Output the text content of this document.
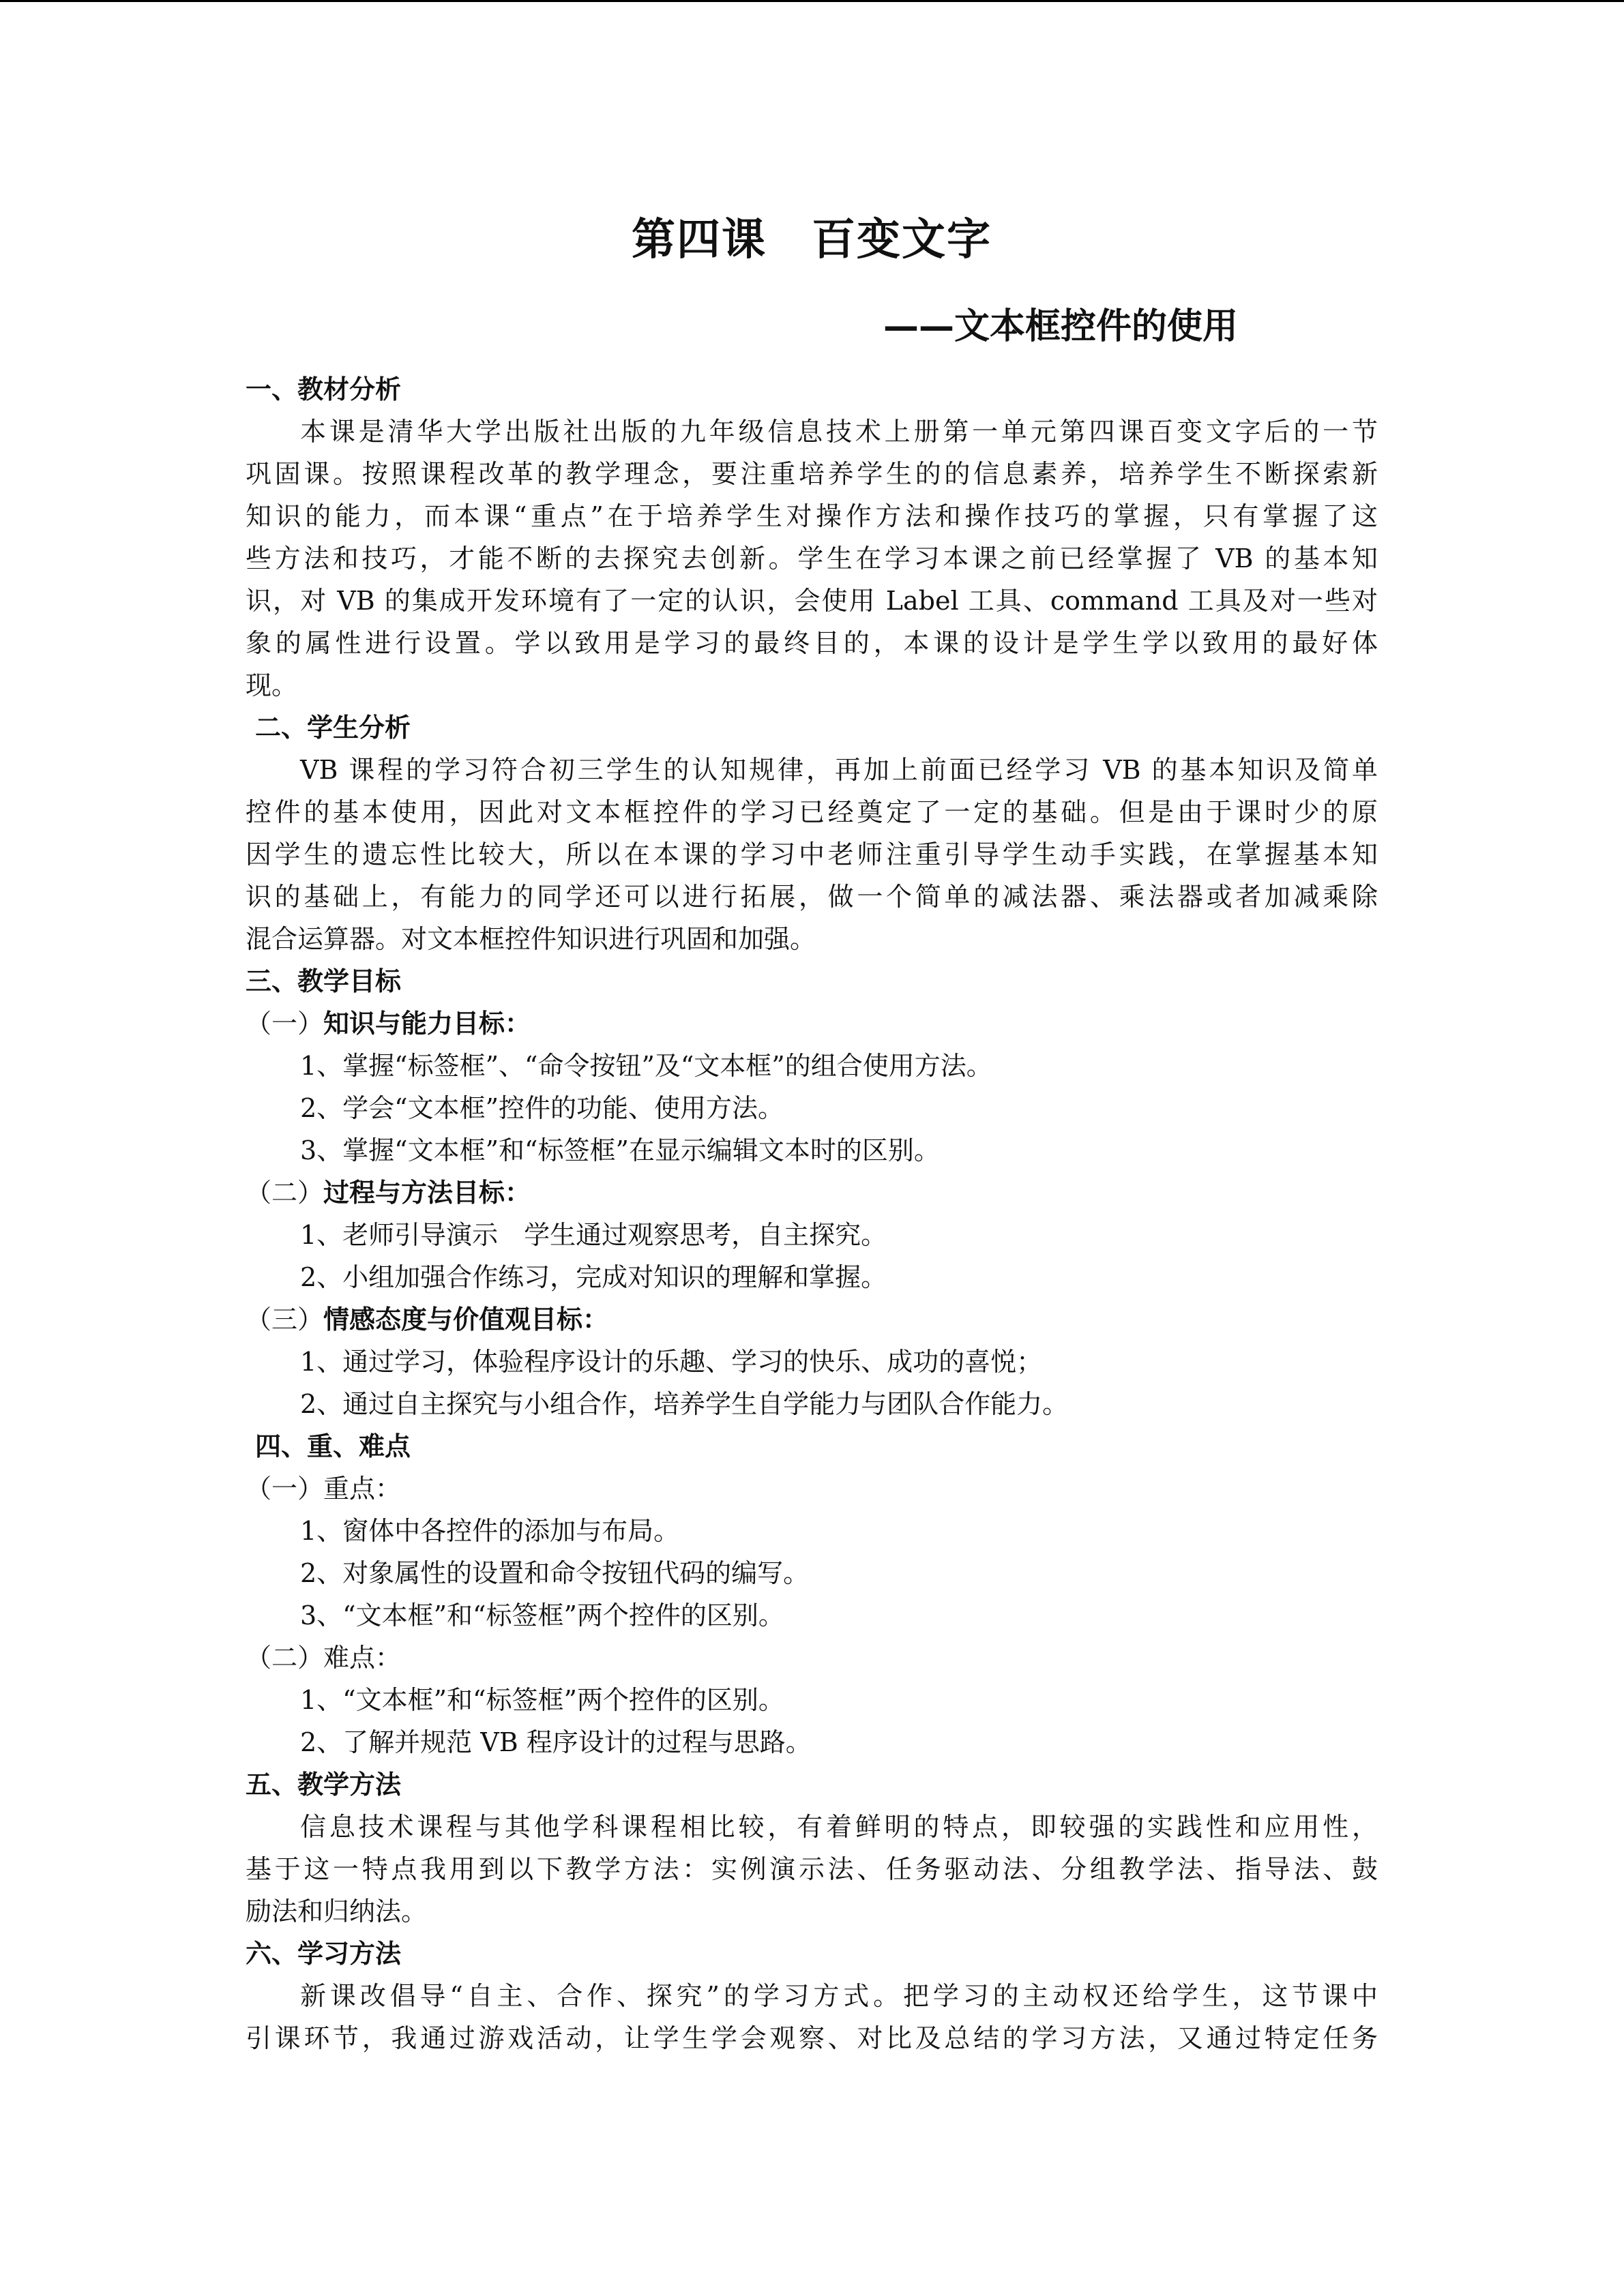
第四课　百变文字
——文本框控件的使用
一、教材分析
本课是清华大学出版社出版的九年级信息技术上册第一单元第四课百变文字后的一节
巩固课。按照课程改革的教学理念，要注重培养学生的的信息素养，培养学生不断探索新
知识的能力，而本课“重点”在于培养学生对操作方法和操作技巧的掌握，只有掌握了这
些方法和技巧，才能不断的去探究去创新。学生在学习本课之前已经掌握了 VB 的基本知
识，对 VB 的集成开发环境有了一定的认识，会使用 Label 工具、command 工具及对一些对
象的属性进行设置。学以致用是学习的最终目的，本课的设计是学生学以致用的最好体
现。
二、学生分析
VB 课程的学习符合初三学生的认知规律，再加上前面已经学习 VB 的基本知识及简单
控件的基本使用，因此对文本框控件的学习已经奠定了一定的基础。但是由于课时少的原
因学生的遗忘性比较大，所以在本课的学习中老师注重引导学生动手实践，在掌握基本知
识的基础上，有能力的同学还可以进行拓展，做一个简单的减法器、乘法器或者加减乘除
混合运算器。对文本框控件知识进行巩固和加强。
三、教学目标
（一）知识与能力目标：
1、掌握“标签框”、“命令按钮”及“文本框”的组合使用方法。
2、学会“文本框”控件的功能、使用方法。
3、掌握“文本框”和“标签框”在显示编辑文本时的区别。
（二）过程与方法目标：
1、老师引导演示　学生通过观察思考，自主探究。
2、小组加强合作练习，完成对知识的理解和掌握。
（三）情感态度与价值观目标：
1、通过学习，体验程序设计的乐趣、学习的快乐、成功的喜悦；
2、通过自主探究与小组合作，培养学生自学能力与团队合作能力。
四、重、难点
（一）重点：
1、窗体中各控件的添加与布局。
2、对象属性的设置和命令按钮代码的编写。
3、“文本框”和“标签框”两个控件的区别。
（二）难点：
1、“文本框”和“标签框”两个控件的区别。
2、了解并规范 VB 程序设计的过程与思路。
五、教学方法
信息技术课程与其他学科课程相比较，有着鲜明的特点，即较强的实践性和应用性，
基于这一特点我用到以下教学方法：实例演示法、任务驱动法、分组教学法、指导法、鼓
励法和归纳法。
六、学习方法
新课改倡导“自主、合作、探究”的学习方式。把学习的主动权还给学生，这节课中
引课环节，我通过游戏活动，让学生学会观察、对比及总结的学习方法，又通过特定任务
